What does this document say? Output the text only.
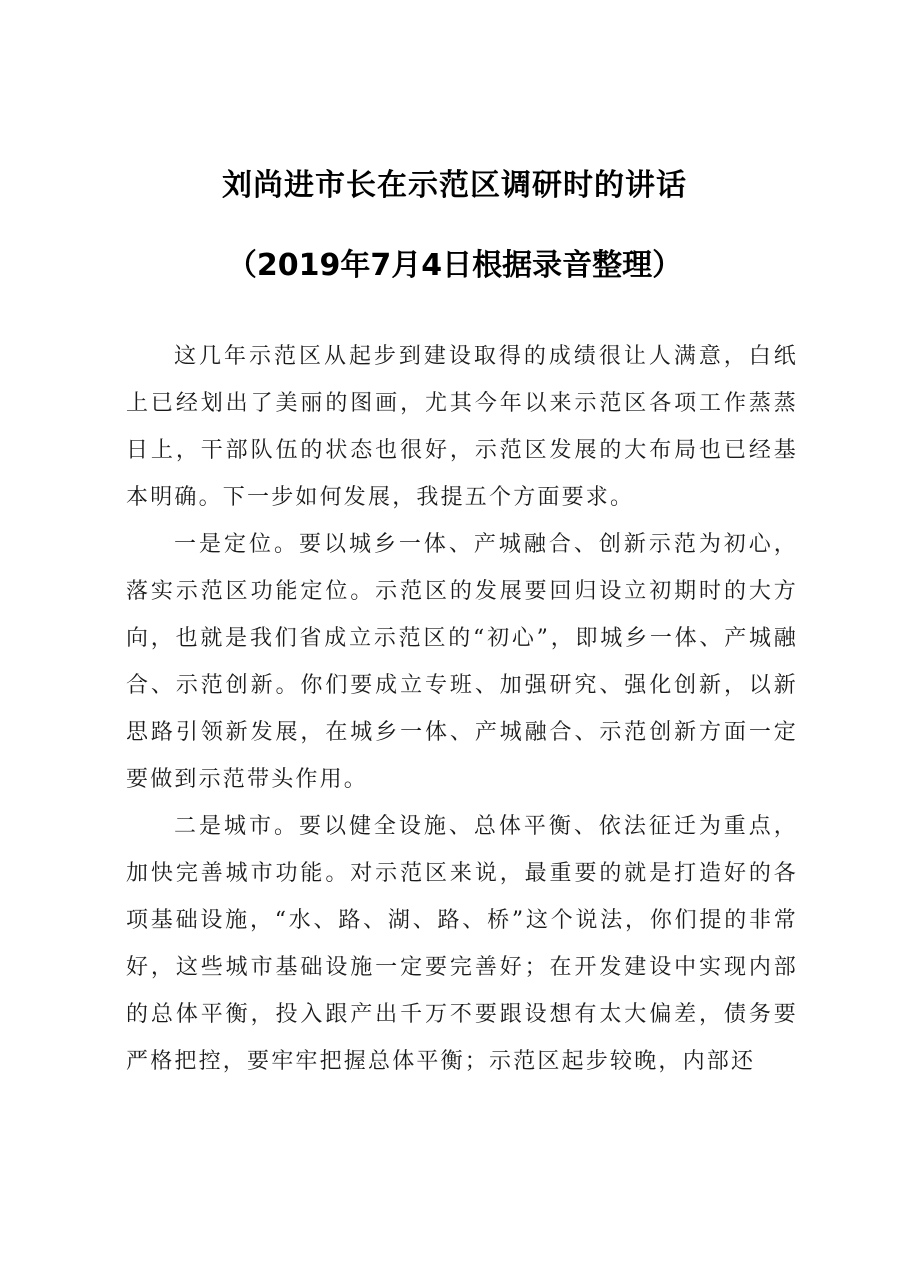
刘尚进市长在示范区调研时的讲话
（2019年7月4日根据录音整理）

这几年示范区从起步到建设取得的成绩很让人满意，白纸上已经划出了美丽的图画，尤其今年以来示范区各项工作蒸蒸日上，干部队伍的状态也很好，示范区发展的大布局也已经基本明确。下一步如何发展，我提五个方面要求。

一是定位。要以城乡一体、产城融合、创新示范为初心，落实示范区功能定位。示范区的发展要回归设立初期时的大方向，也就是我们省成立示范区的“初心”，即城乡一体、产城融合、示范创新。你们要成立专班、加强研究、强化创新，以新思路引领新发展，在城乡一体、产城融合、示范创新方面一定要做到示范带头作用。

二是城市。要以健全设施、总体平衡、依法征迁为重点，加快完善城市功能。对示范区来说，最重要的就是打造好的各项基础设施，“水、路、湖、路、桥”这个说法，你们提的非常好，这些城市基础设施一定要完善好；在开发建设中实现内部的总体平衡，投入跟产出千万不要跟设想有太大偏差，债务要严格把控，要牢牢把握总体平衡；示范区起步较晚，内部还
